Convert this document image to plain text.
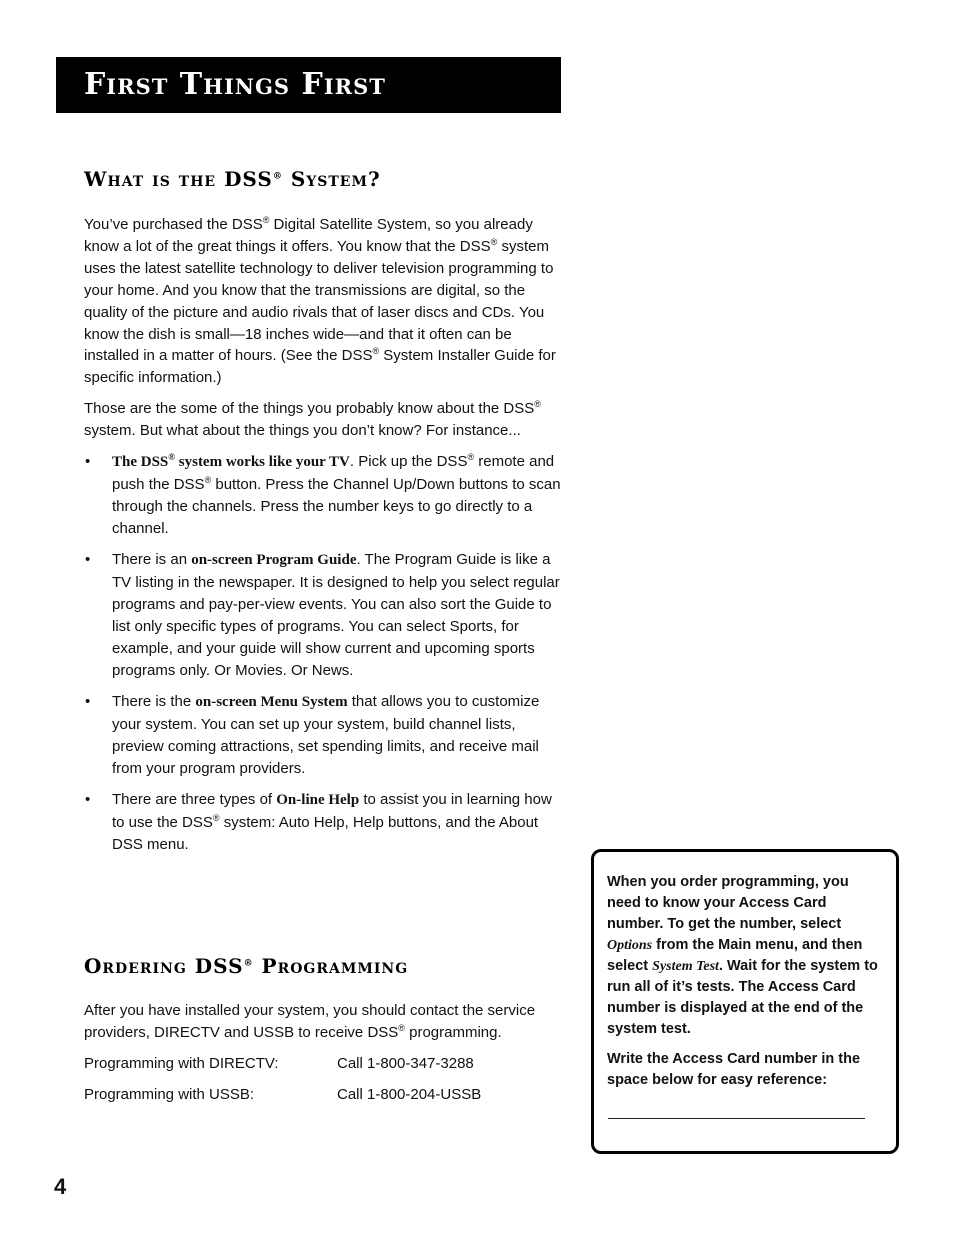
First Things First
What is the DSS® System?

You’ve purchased the DSS® Digital Satellite System, so you already know a lot of the great things it offers. You know that the DSS® system uses the latest satellite technology to deliver television programming to your home. And you know that the transmissions are digital, so the quality of the picture and audio rivals that of laser discs and CDs. You know the dish is small—18 inches wide—and that it often can be installed in a matter of hours. (See the DSS® System Installer Guide for specific information.)

Those are the some of the things you probably know about the DSS® system. But what about the things you don’t know? For instance...

• The DSS® system works like your TV. Pick up the DSS® remote and push the DSS® button. Press the Channel Up/Down buttons to scan through the channels. Press the number keys to go directly to a channel.
• There is an on-screen Program Guide. The Program Guide is like a TV listing in the newspaper. It is designed to help you select regular programs and pay-per-view events. You can also sort the Guide to list only specific types of programs. You can select Sports, for example, and your guide will show current and upcoming sports programs only. Or Movies. Or News.
• There is the on-screen Menu System that allows you to customize your system. You can set up your system, build channel lists, preview coming attractions, set spending limits, and receive mail from your program providers.
• There are three types of On-line Help to assist you in learning how to use the DSS® system: Auto Help, Help buttons, and the About DSS menu.
Ordering DSS® Programming

After you have installed your system, you should contact the service providers, DIRECTV and USSB to receive DSS® programming.

Programming with DIRECTV:	Call 1-800-347-3288
Programming with USSB:	Call 1-800-204-USSB

When you order programming, you need to know your Access Card number. To get the number, select Options from the Main menu, and then select System Test. Wait for the system to run all of it’s tests. The Access Card number is displayed at the end of the system test.

Write the Access Card number in the space below for easy reference:

4
